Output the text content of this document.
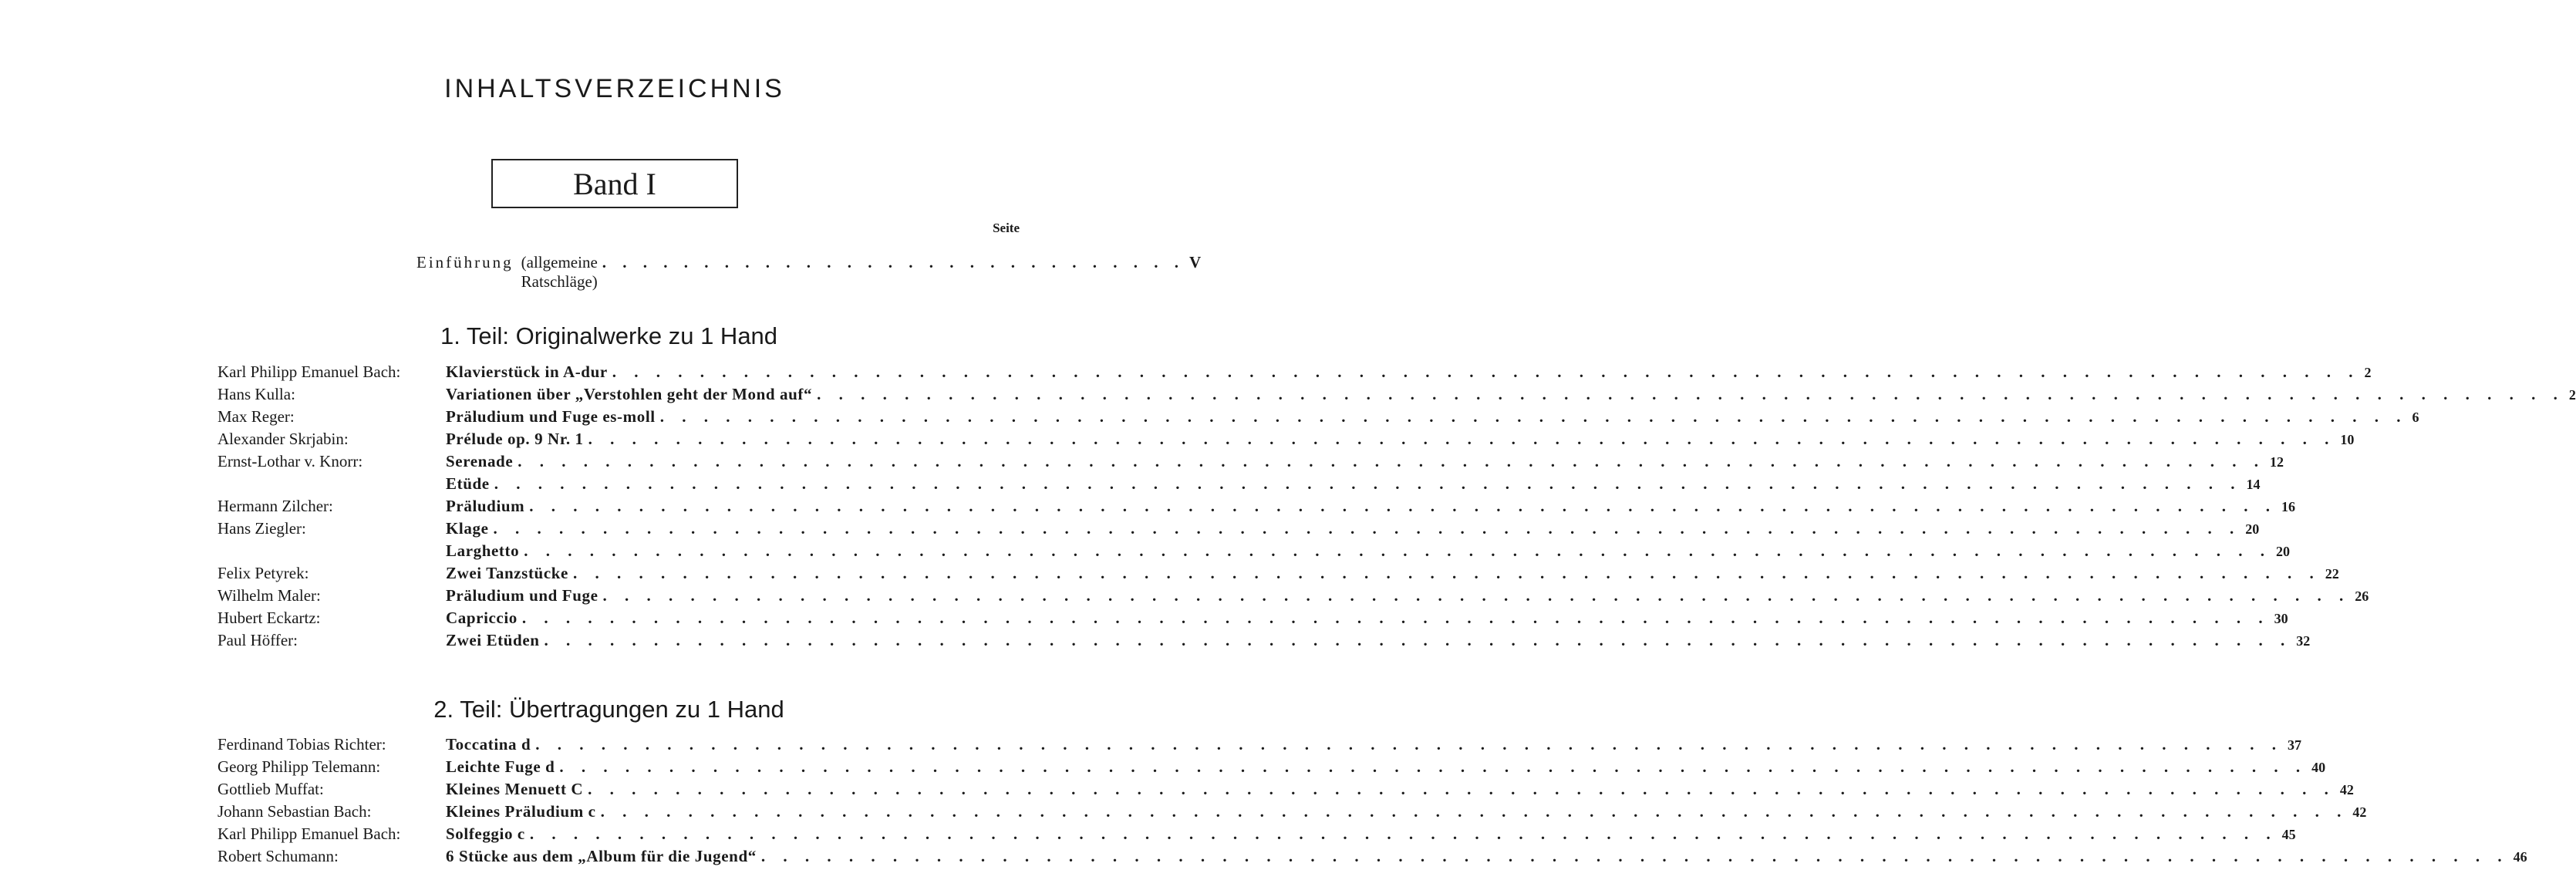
INHALTSVERZEICHNIS
Band I
Seite
Einführung (allgemeine Ratschläge)
. . . . . . . . . . . . . . . . . . . . . . . . . . . . . V
1. Teil: Originalwerke zu 1 Hand
Karl Philipp Emanuel Bach:	Klavierstück in A-dur . . . . . . . . . . . . . . . . . . . . . . . . . . . . . . . . . . . . . . . . . . . . . . . . . . . . . . . . . . . . . . . . . . . . . . . . . . . . . . . . 2
Hans Kulla:	Variationen über „Verstohlen geht der Mond auf“ . . . . . . . . . . . . . . . . . . . . . . . . . . . . . . . . . . . . . . . . . . . . . . . . . . . . . . . . . . . . . . . . . . . . . . . . . . . . . . . . 2
Max Reger:	Präludium und Fuge es-moll . . . . . . . . . . . . . . . . . . . . . . . . . . . . . . . . . . . . . . . . . . . . . . . . . . . . . . . . . . . . . . . . . . . . . . . . . . . . . . . . 6
Alexander Skrjabin:	Prélude op. 9 Nr. 1 . . . . . . . . . . . . . . . . . . . . . . . . . . . . . . . . . . . . . . . . . . . . . . . . . . . . . . . . . . . . . . . . . . . . . . . . . . . . . . . . 10
Ernst-Lothar v. Knorr:	Serenade . . . . . . . . . . . . . . . . . . . . . . . . . . . . . . . . . . . . . . . . . . . . . . . . . . . . . . . . . . . . . . . . . . . . . . . . . . . . . . . . 12
Etüde . . . . . . . . . . . . . . . . . . . . . . . . . . . . . . . . . . . . . . . . . . . . . . . . . . . . . . . . . . . . . . . . . . . . . . . . . . . . . . . . 14
Hermann Zilcher:	Präludium . . . . . . . . . . . . . . . . . . . . . . . . . . . . . . . . . . . . . . . . . . . . . . . . . . . . . . . . . . . . . . . . . . . . . . . . . . . . . . . . 16
Hans Ziegler:	Klage . . . . . . . . . . . . . . . . . . . . . . . . . . . . . . . . . . . . . . . . . . . . . . . . . . . . . . . . . . . . . . . . . . . . . . . . . . . . . . . . 20
Larghetto . . . . . . . . . . . . . . . . . . . . . . . . . . . . . . . . . . . . . . . . . . . . . . . . . . . . . . . . . . . . . . . . . . . . . . . . . . . . . . . . 20
Felix Petyrek:	Zwei Tanzstücke . . . . . . . . . . . . . . . . . . . . . . . . . . . . . . . . . . . . . . . . . . . . . . . . . . . . . . . . . . . . . . . . . . . . . . . . . . . . . . . . 22
Wilhelm Maler:	Präludium und Fuge . . . . . . . . . . . . . . . . . . . . . . . . . . . . . . . . . . . . . . . . . . . . . . . . . . . . . . . . . . . . . . . . . . . . . . . . . . . . . . . . 26
Hubert Eckartz:	Capriccio . . . . . . . . . . . . . . . . . . . . . . . . . . . . . . . . . . . . . . . . . . . . . . . . . . . . . . . . . . . . . . . . . . . . . . . . . . . . . . . . 30
Paul Höffer:	Zwei Etüden . . . . . . . . . . . . . . . . . . . . . . . . . . . . . . . . . . . . . . . . . . . . . . . . . . . . . . . . . . . . . . . . . . . . . . . . . . . . . . . . 32
2. Teil: Übertragungen zu 1 Hand
Ferdinand Tobias Richter:	Toccatina d . . . . . . . . . . . . . . . . . . . . . . . . . . . . . . . . . . . . . . . . . . . . . . . . . . . . . . . . . . . . . . . . . . . . . . . . . . . . . . . . 37
Georg Philipp Telemann:	Leichte Fuge d . . . . . . . . . . . . . . . . . . . . . . . . . . . . . . . . . . . . . . . . . . . . . . . . . . . . . . . . . . . . . . . . . . . . . . . . . . . . . . . . 40
Gottlieb Muffat:	Kleines Menuett C . . . . . . . . . . . . . . . . . . . . . . . . . . . . . . . . . . . . . . . . . . . . . . . . . . . . . . . . . . . . . . . . . . . . . . . . . . . . . . . . 42
Johann Sebastian Bach:	Kleines Präludium c . . . . . . . . . . . . . . . . . . . . . . . . . . . . . . . . . . . . . . . . . . . . . . . . . . . . . . . . . . . . . . . . . . . . . . . . . . . . . . . . 42
Karl Philipp Emanuel Bach:	Solfeggio c . . . . . . . . . . . . . . . . . . . . . . . . . . . . . . . . . . . . . . . . . . . . . . . . . . . . . . . . . . . . . . . . . . . . . . . . . . . . . . . . 45
Robert Schumann:	6 Stücke aus dem „Album für die Jugend“ . . . . . . . . . . . . . . . . . . . . . . . . . . . . . . . . . . . . . . . . . . . . . . . . . . . . . . . . . . . . . . . . . . . . . . . . . . . . . . . . 46
